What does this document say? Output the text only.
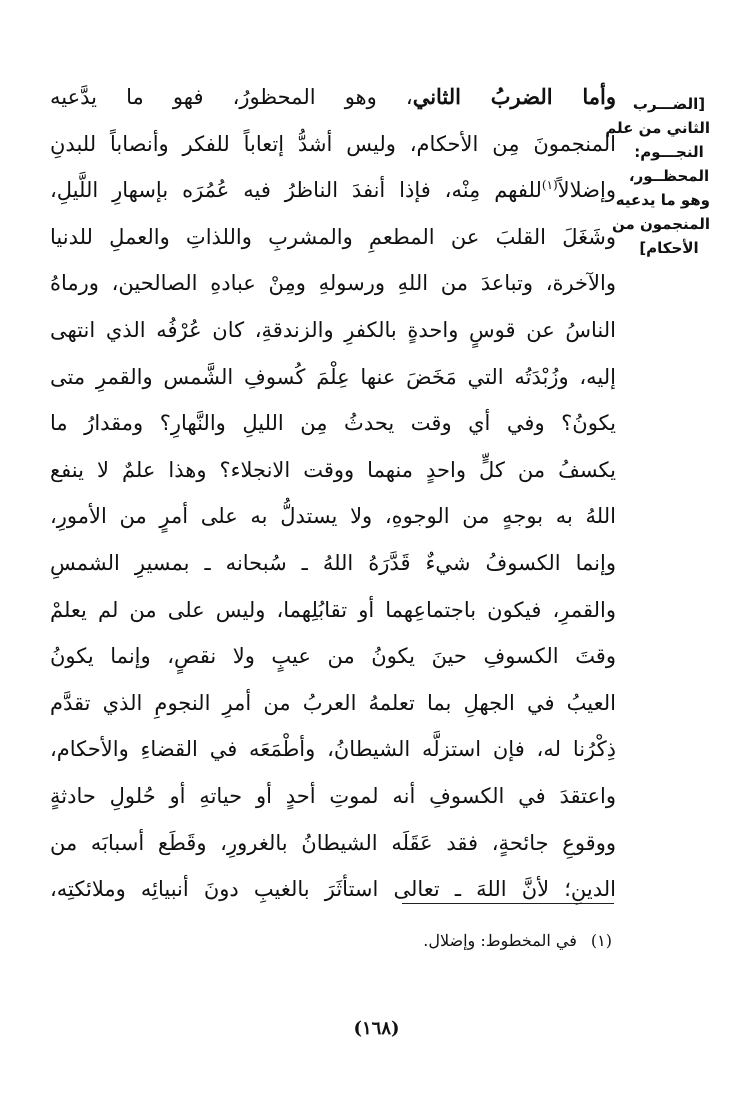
وأما الضربُ الثاني، وهو المحظورُ، فهو ما يدَّعيه
المنجمونَ مِن الأحكام، وليس أشدُّ إتعاباً للفكر وأنصاباً للبدنِ
وإضلالاً$^{(١)}$للفهم مِنْه، فإذا أنفدَ الناظرُ فيه عُمُرَه بإسهارِ اللَّيلِ،
وشَغَلَ القلبَ عن المطعمِ والمشربِ واللذاتِ والعملِ للدنيا
والآخرة، وتباعدَ من اللهِ ورسولهِ ومِنْ عبادهِ الصالحين، ورماهُ
الناسُ عن قوسٍ واحدةٍ بالكفرِ والزندقةِ، كان عُرْفُه الذي انتهى
إليه، وزُبْدَتُه التي مَخَضَ عنها عِلْمَ كُسوفِ الشَّمس والقمرِ متى
يكونُ؟ وفي أي وقت يحدثُ مِن الليلِ والنَّهارِ؟ ومقدارُ ما
يكسفُ من كلٍّ واحدٍ منهما ووقت الانجلاء؟ وهذا علمٌ لا ينفع
اللهُ به بوجهٍ من الوجوهِ، ولا يستدلُّ به على أمرٍ من الأمورِ،
وإنما الكسوفُ شيءٌ قَدَّرَهُ اللهُ ـ سُبحانه ـ بمسيرِ الشمسِ
والقمرِ، فيكون باجتماعِهما أو تقابُلِهما، وليس على من لم يعلمْ
وقتَ الكسوفِ حينَ يكونُ من عيبٍ ولا نقصٍ، وإنما يكونُ
العيبُ في الجهلِ بما تعلمهُ العربُ من أمرِ النجومِ الذي تقدَّم
ذِكْرُنا له، فإن استزلَّه الشيطانُ، وأطْمَعَه في القضاءِ والأحكام،
واعتقدَ في الكسوفِ أنه لموتِ أحدٍ أو حياتهِ أو حُلولِ حادثةٍ
ووقوعِ جائحةٍ، فقد عَقَلَه الشيطانُ بالغرورِ، وقَطَع أسبابَه من
الدينِ؛ لأنَّ اللهَ ـ تعالى استأثَرَ بالغيبِ دونَ أنبيائِه وملائكتِه،
[الضـــرب
الثاني من علم
النجـــوم:
المحظــور،
وهو ما يدعيه
المنجمون من
الأحكام]
(١)في المخطوط: وإضلال.
(١٦٨)
